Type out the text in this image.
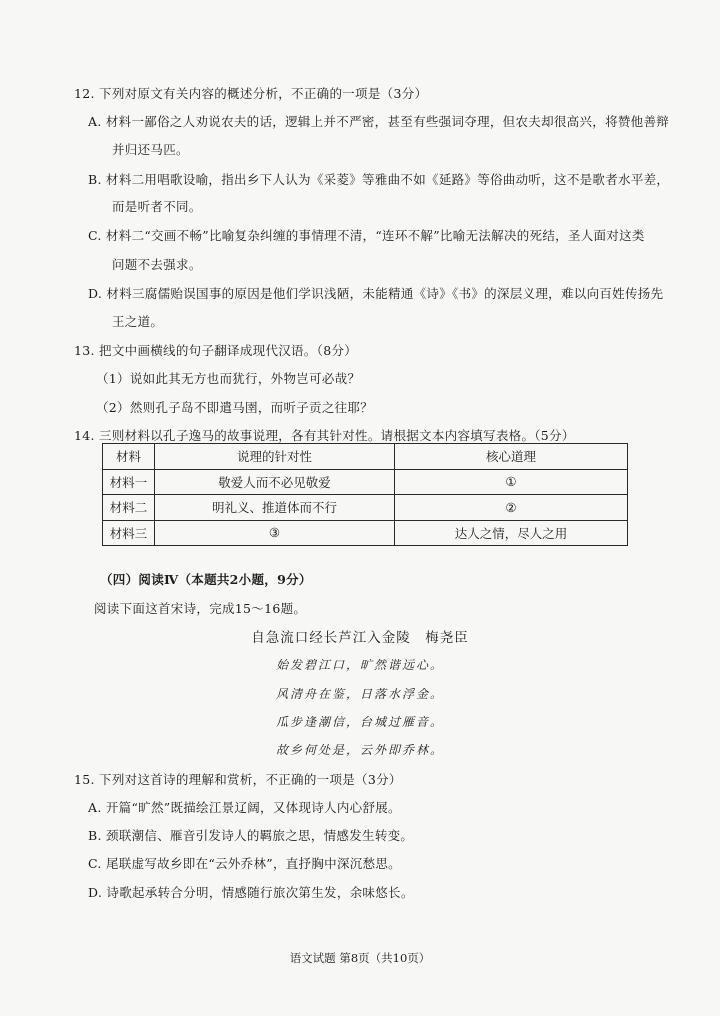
12. 下列对原文有关内容的概述分析，不正确的一项是（3分）
A. 材料一鄙俗之人劝说农夫的话，逻辑上并不严密，甚至有些强词夺理，但农夫却很高兴，将赞他善辩
并归还马匹。
B. 材料二用唱歌设喻，指出乡下人认为《采菱》等雅曲不如《延路》等俗曲动听，这不是歌者水平差，
而是听者不同。
C. 材料二“交画不畅”比喻复杂纠缠的事情理不清，“连环不解”比喻无法解决的死结，圣人面对这类
问题不去强求。
D. 材料三腐儒贻误国事的原因是他们学识浅陋，未能精通《诗》《书》的深层义理，难以向百姓传扬先
王之道。
13. 把文中画横线的句子翻译成现代汉语。（8分）
（1）说如此其无方也而犹行，外物岂可必哉？
（2）然则孔子岛不即遣马圉，而听子贡之往耶？
14. 三则材料以孔子逸马的故事说理，各有其针对性。请根据文本内容填写表格。（5分）
材料	说理的针对性	核心道理
材料一	敬爱人而不必见敬爱	①
材料二	明礼义、推道体而不行	②
材料三	③	达人之情，尽人之用
（四）阅读Ⅳ（本题共2小题，9分）
阅读下面这首宋诗，完成15～16题。
自急流口经长芦江入金陵　梅尧臣
始发碧江口，旷然谐远心。
风清舟在鉴，日落水浮金。
瓜步逢潮信，台城过雁音。
故乡何处是，云外即乔林。
15. 下列对这首诗的理解和赏析，不正确的一项是（3分）
A. 开篇“旷然”既描绘江景辽阔，又体现诗人内心舒展。
B. 颈联潮信、雁音引发诗人的羁旅之思，情感发生转变。
C. 尾联虚写故乡即在“云外乔林”，直抒胸中深沉愁思。
D. 诗歌起承转合分明，情感随行旅次第生发，余味悠长。
语文试题 第8页（共10页）
